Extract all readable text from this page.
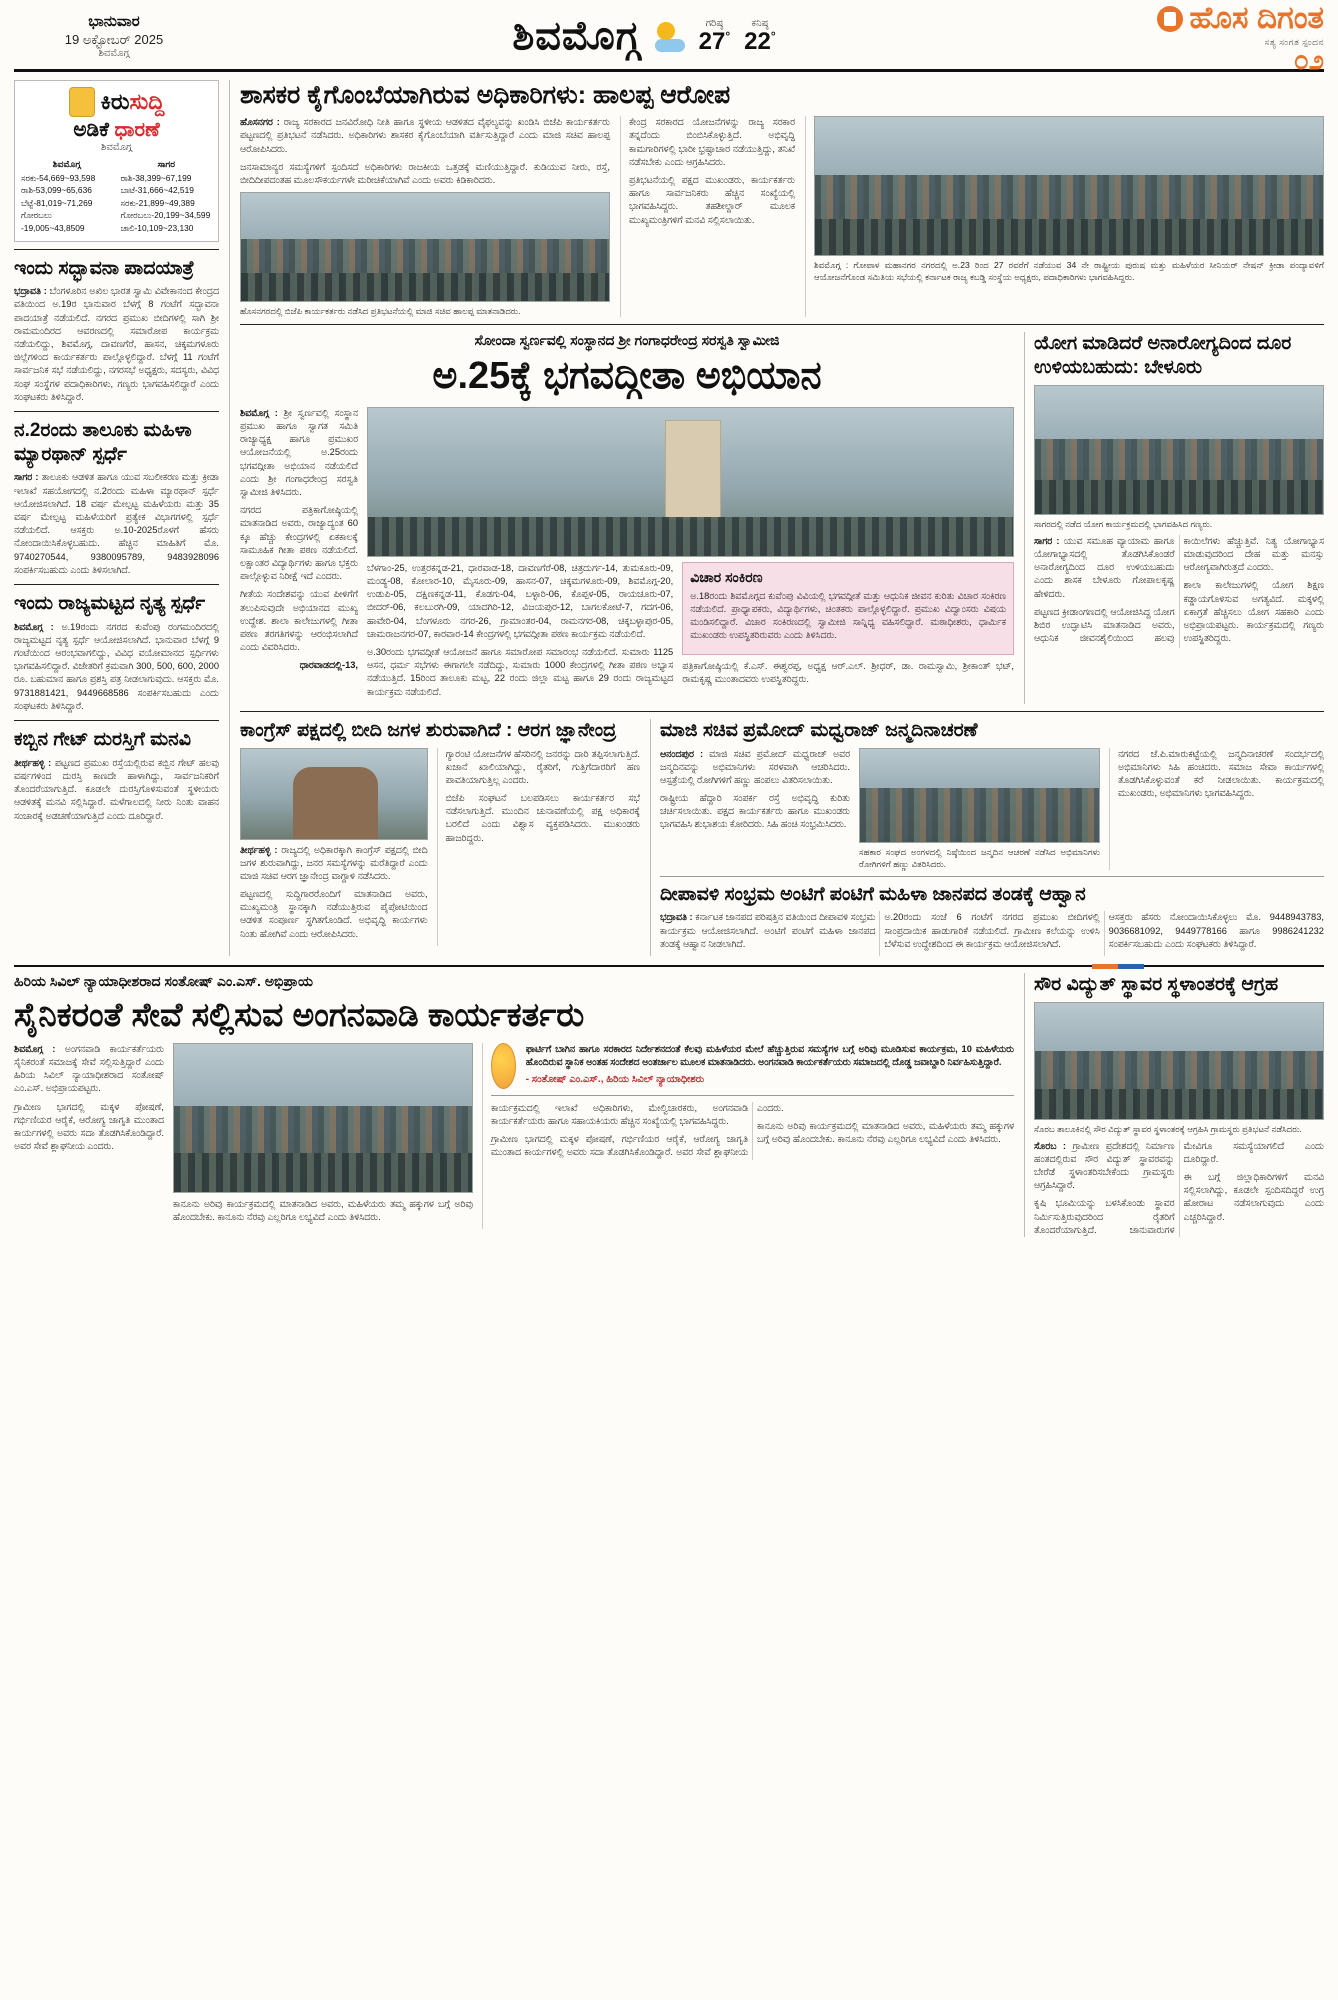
ಭಾನುವಾರ
19 ಅಕ್ಟೋಬರ್ 2025
ಶಿವಮೊಗ್ಗ	ಶಿವಮೊಗ್ಗ	ಗರಿಷ್ಠ
27°
ಕನಿಷ್ಠ
22°
ಹೊಸ ದಿಗಂತ
ಸತ್ಯ ಸಂಗತ ಸ್ಪಂದನ
೦೨
ಕಿರುಸುದ್ದಿ
ಅಡಿಕೆ ಧಾರಣೆ
ಶಿವಮೊಗ್ಗ
ಶಿವಮೊಗ್ಗ
ಸರಕು-54,669~93,598
ರಾಶಿ-53,099~65,636
ಬೆಟ್ಟೆ-81,019~71,269
ಗೋರಬಲು -19,005~43,8509
ಸಾಗರ
ರಾಶಿ-38,399~67,199
ಬಾಟೆ-31,666~42,519
ಸರಕು-21,899~49,389
ಗೋರಬಲು-20,199~34,599
ಚಾಲಿ-10,109~23,130
ಇಂದು ಸದ್ಭಾವನಾ ಪಾದಯಾತ್ರೆ

ಭದ್ರಾವತಿ : ಬೆಂಗಳೂರಿನ ಅಖಿಲ ಭಾರತ ಸ್ವಾಮಿ ವಿವೇಕಾನಂದ ಕೇಂದ್ರದ ವತಿಯಿಂದ ಅ.19ರ ಭಾನುವಾರ ಬೆಳಗ್ಗೆ 8 ಗಂಟೆಗೆ ಸದ್ಭಾವನಾ ಪಾದಯಾತ್ರೆ ನಡೆಯಲಿದೆ. ನಗರದ ಪ್ರಮುಖ ಬೀದಿಗಳಲ್ಲಿ ಸಾಗಿ ಶ್ರೀ ರಾಮಮಂದಿರದ ಆವರಣದಲ್ಲಿ ಸಮಾರೋಪ ಕಾರ್ಯಕ್ರಮ ನಡೆಯಲಿದ್ದು, ಶಿವಮೊಗ್ಗ, ದಾವಣಗೆರೆ, ಹಾಸನ, ಚಿಕ್ಕಮಗಳೂರು ಜಿಲ್ಲೆಗಳಿಂದ ಕಾರ್ಯಕರ್ತರು ಪಾಲ್ಗೊಳ್ಳಲಿದ್ದಾರೆ. ಬೆಳಗ್ಗೆ 11 ಗಂಟೆಗೆ ಸಾರ್ವಜನಿಕ ಸಭೆ ನಡೆಯಲಿದ್ದು, ನಗರಸಭೆ ಅಧ್ಯಕ್ಷರು, ಸದಸ್ಯರು, ವಿವಿಧ ಸಂಘ ಸಂಸ್ಥೆಗಳ ಪದಾಧಿಕಾರಿಗಳು, ಗಣ್ಯರು ಭಾಗವಹಿಸಲಿದ್ದಾರೆ ಎಂದು ಸಂಘಟಕರು ತಿಳಿಸಿದ್ದಾರೆ.

ನ.2ರಂದು ತಾಲೂಕು ಮಹಿಳಾ ಮ್ಯಾರಥಾನ್ ಸ್ಪರ್ಧೆ

ಸಾಗರ : ತಾಲೂಕು ಆಡಳಿತ ಹಾಗೂ ಯುವ ಸಬಲೀಕರಣ ಮತ್ತು ಕ್ರೀಡಾ ಇಲಾಖೆ ಸಹಯೋಗದಲ್ಲಿ ನ.2ರಂದು ಮಹಿಳಾ ಮ್ಯಾರಥಾನ್ ಸ್ಪರ್ಧೆ ಆಯೋಜಿಸಲಾಗಿದೆ. 18 ವರ್ಷ ಮೇಲ್ಪಟ್ಟ ಮಹಿಳೆಯರು ಮತ್ತು 35 ವರ್ಷ ಮೇಲ್ಪಟ್ಟ ಮಹಿಳೆಯರಿಗೆ ಪ್ರತ್ಯೇಕ ವಿಭಾಗಗಳಲ್ಲಿ ಸ್ಪರ್ಧೆ ನಡೆಯಲಿದೆ. ಆಸಕ್ತರು ಅ.10-2025ರೊಳಗೆ ಹೆಸರು ನೋಂದಾಯಿಸಿಕೊಳ್ಳಬಹುದು. ಹೆಚ್ಚಿನ ಮಾಹಿತಿಗೆ ಮೊ. 9740270544, 9380095789, 9483928096 ಸಂಪರ್ಕಿಸಬಹುದು ಎಂದು ತಿಳಿಸಲಾಗಿದೆ.

ಇಂದು ರಾಜ್ಯಮಟ್ಟದ ನೃತ್ಯ ಸ್ಪರ್ಧೆ

ಶಿವಮೊಗ್ಗ : ಅ.19ರಂದು ನಗರದ ಕುವೆಂಪು ರಂಗಮಂದಿರದಲ್ಲಿ ರಾಜ್ಯಮಟ್ಟದ ನೃತ್ಯ ಸ್ಪರ್ಧೆ ಆಯೋಜಿಸಲಾಗಿದೆ. ಭಾನುವಾರ ಬೆಳಗ್ಗೆ 9 ಗಂಟೆಯಿಂದ ಆರಂಭವಾಗಲಿದ್ದು, ವಿವಿಧ ವಯೋಮಾನದ ಸ್ಪರ್ಧಿಗಳು ಭಾಗವಹಿಸಲಿದ್ದಾರೆ. ವಿಜೇತರಿಗೆ ಕ್ರಮವಾಗಿ 300, 500, 600, 2000 ರೂ. ಬಹುಮಾನ ಹಾಗೂ ಪ್ರಶಸ್ತಿ ಪತ್ರ ನೀಡಲಾಗುವುದು. ಆಸಕ್ತರು ಮೊ. 9731881421, 9449668586 ಸಂಪರ್ಕಿಸಬಹುದು ಎಂದು ಸಂಘಟಕರು ತಿಳಿಸಿದ್ದಾರೆ.

ಕಬ್ಬಿನ ಗೇಟ್ ದುರಸ್ತಿಗೆ ಮನವಿ

ತೀರ್ಥಹಳ್ಳಿ : ಪಟ್ಟಣದ ಪ್ರಮುಖ ರಸ್ತೆಯಲ್ಲಿರುವ ಕಬ್ಬಿನ ಗೇಟ್ ಹಲವು ವರ್ಷಗಳಿಂದ ದುರಸ್ತಿ ಕಾಣದೇ ಹಾಳಾಗಿದ್ದು, ಸಾರ್ವಜನಿಕರಿಗೆ ತೊಂದರೆಯಾಗುತ್ತಿದೆ. ಕೂಡಲೇ ದುರಸ್ತಿಗೊಳಿಸುವಂತೆ ಸ್ಥಳೀಯರು ಆಡಳಿತಕ್ಕೆ ಮನವಿ ಸಲ್ಲಿಸಿದ್ದಾರೆ. ಮಳೆಗಾಲದಲ್ಲಿ ನೀರು ನಿಂತು ವಾಹನ ಸಂಚಾರಕ್ಕೆ ಅಡಚಣೆಯಾಗುತ್ತಿದೆ ಎಂದು ದೂರಿದ್ದಾರೆ.

ಶಾಸಕರ ಕೈಗೊಂಬೆಯಾಗಿರುವ ಅಧಿಕಾರಿಗಳು: ಹಾಲಪ್ಪ ಆರೋಪ

ಹೊಸನಗರ : ರಾಜ್ಯ ಸರಕಾರದ ಜನವಿರೋಧಿ ನೀತಿ ಹಾಗೂ ಸ್ಥಳೀಯ ಆಡಳಿತದ ವೈಫಲ್ಯವನ್ನು ಖಂಡಿಸಿ ಬಿಜೆಪಿ ಕಾರ್ಯಕರ್ತರು ಪಟ್ಟಣದಲ್ಲಿ ಪ್ರತಿಭಟನೆ ನಡೆಸಿದರು. ಅಧಿಕಾರಿಗಳು ಶಾಸಕರ ಕೈಗೊಂಬೆಯಾಗಿ ವರ್ತಿಸುತ್ತಿದ್ದಾರೆ ಎಂದು ಮಾಜಿ ಸಚಿವ ಹಾಲಪ್ಪ ಆರೋಪಿಸಿದರು.

ಜನಸಾಮಾನ್ಯರ ಸಮಸ್ಯೆಗಳಿಗೆ ಸ್ಪಂದಿಸದೆ ಅಧಿಕಾರಿಗಳು ರಾಜಕೀಯ ಒತ್ತಡಕ್ಕೆ ಮಣಿಯುತ್ತಿದ್ದಾರೆ. ಕುಡಿಯುವ ನೀರು, ರಸ್ತೆ, ಬೀದಿದೀಪದಂತಹ ಮೂಲಸೌಕರ್ಯಗಳೇ ಮರೀಚಿಕೆಯಾಗಿವೆ ಎಂದು ಅವರು ಕಿಡಿಕಾರಿದರು.

ಹೊಸನಗರದಲ್ಲಿ ಬಿಜೆಪಿ ಕಾರ್ಯಕರ್ತರು ನಡೆಸಿದ ಪ್ರತಿಭಟನೆಯಲ್ಲಿ ಮಾಜಿ ಸಚಿವ ಹಾಲಪ್ಪ ಮಾತನಾಡಿದರು.

ಕೇಂದ್ರ ಸರಕಾರದ ಯೋಜನೆಗಳನ್ನು ರಾಜ್ಯ ಸರಕಾರ ತನ್ನದೆಂದು ಬಿಂಬಿಸಿಕೊಳ್ಳುತ್ತಿದೆ. ಅಭಿವೃದ್ಧಿ ಕಾಮಗಾರಿಗಳಲ್ಲಿ ಭಾರೀ ಭ್ರಷ್ಟಾಚಾರ ನಡೆಯುತ್ತಿದ್ದು, ತನಿಖೆ ನಡೆಸಬೇಕು ಎಂದು ಆಗ್ರಹಿಸಿದರು.

ಪ್ರತಿಭಟನೆಯಲ್ಲಿ ಪಕ್ಷದ ಮುಖಂಡರು, ಕಾರ್ಯಕರ್ತರು ಹಾಗೂ ಸಾರ್ವಜನಿಕರು ಹೆಚ್ಚಿನ ಸಂಖ್ಯೆಯಲ್ಲಿ ಭಾಗವಹಿಸಿದ್ದರು. ತಹಶೀಲ್ದಾರ್ ಮೂಲಕ ಮುಖ್ಯಮಂತ್ರಿಗಳಿಗೆ ಮನವಿ ಸಲ್ಲಿಸಲಾಯಿತು.

ಶಿವಮೊಗ್ಗ : ಗೋಪಾಳ ಮಹಾನಗರ ನಗರದಲ್ಲಿ ಅ.23 ರಿಂದ 27 ರವರೆಗೆ ನಡೆಯುವ 34 ನೇ ರಾಷ್ಟ್ರೀಯ ಪುರುಷ ಮತ್ತು ಮಹಿಳೆಯರ ಸೀನಿಯರ್ ನೇಷನ್ ಕ್ರೀಡಾ ಪಂದ್ಯಾವಳಿಗೆ ಆಯೋಜನೆಗೊಂಡ ಸಮಿತಿಯ ಸಭೆಯಲ್ಲಿ ಕರ್ನಾಟಕ ರಾಜ್ಯ ಕಬಡ್ಡಿ ಸಂಸ್ಥೆಯ ಅಧ್ಯಕ್ಷರು, ಪದಾಧಿಕಾರಿಗಳು ಭಾಗವಹಿಸಿದ್ದರು.
ಸೋಂದಾ ಸ್ವರ್ಣವಲ್ಲಿ ಸಂಸ್ಥಾನದ ಶ್ರೀ ಗಂಗಾಧರೇಂದ್ರ ಸರಸ್ವತಿ ಸ್ವಾಮೀಜಿ
ಅ.25ಕ್ಕೆ ಭಗವದ್ಗೀತಾ ಅಭಿಯಾನ

ಶಿವಮೊಗ್ಗ : ಶ್ರೀ ಸ್ವರ್ಣವಲ್ಲಿ ಸಂಸ್ಥಾನ ಪ್ರಮುಖ ಹಾಗೂ ಸ್ವಾಗತ ಸಮಿತಿ ರಾಜ್ಯಾಧ್ಯಕ್ಷ ಹಾಗೂ ಪ್ರಮುಖರ ಆಯೋಜನೆಯಲ್ಲಿ ಅ.25ರಂದು ಭಗವದ್ಗೀತಾ ಅಭಿಯಾನ ನಡೆಯಲಿದೆ ಎಂದು ಶ್ರೀ ಗಂಗಾಧರೇಂದ್ರ ಸರಸ್ವತಿ ಸ್ವಾಮೀಜಿ ತಿಳಿಸಿದರು.

ನಗರದ ಪತ್ರಿಕಾಗೋಷ್ಠಿಯಲ್ಲಿ ಮಾತನಾಡಿದ ಅವರು, ರಾಜ್ಯಾದ್ಯಂತ 60 ಕ್ಕೂ ಹೆಚ್ಚು ಕೇಂದ್ರಗಳಲ್ಲಿ ಏಕಕಾಲಕ್ಕೆ ಸಾಮೂಹಿಕ ಗೀತಾ ಪಠಣ ನಡೆಯಲಿದೆ. ಲಕ್ಷಾಂತರ ವಿದ್ಯಾರ್ಥಿಗಳು ಹಾಗೂ ಭಕ್ತರು ಪಾಲ್ಗೊಳ್ಳುವ ನಿರೀಕ್ಷೆ ಇದೆ ಎಂದರು.

ಗೀತೆಯ ಸಂದೇಶವನ್ನು ಯುವ ಪೀಳಿಗೆಗೆ ತಲುಪಿಸುವುದೇ ಅಭಿಯಾನದ ಮುಖ್ಯ ಉದ್ದೇಶ. ಶಾಲಾ ಕಾಲೇಜುಗಳಲ್ಲಿ ಗೀತಾ ಪಠಣ ತರಗತಿಗಳನ್ನು ಆರಂಭಿಸಲಾಗಿದೆ ಎಂದು ವಿವರಿಸಿದರು.

ಧಾರವಾಡದಲ್ಲಿ-13,

ಬೆಳಗಾಂ-25, ಉತ್ತರಕನ್ನಡ-21, ಧಾರವಾಡ-18, ದಾವಣಗೆರೆ-08, ಚಿತ್ರದುರ್ಗ-14, ತುಮಕೂರು-09, ಮಂಡ್ಯ-08, ಕೋಲಾರ-10, ಮೈಸೂರು-09, ಹಾಸನ-07, ಚಿಕ್ಕಮಗಳೂರು-09, ಶಿವಮೊಗ್ಗ-20, ಉಡುಪಿ-05, ದಕ್ಷಿಣಕನ್ನಡ-11, ಕೊಡಗು-04, ಬಳ್ಳಾರಿ-06, ಕೊಪ್ಪಳ-05, ರಾಯಚೂರು-07, ಬೀದರ್-06, ಕಲಬುರಗಿ-09, ಯಾದಗಿರಿ-12, ವಿಜಯಪುರ-12, ಬಾಗಲಕೋಟೆ-7, ಗದಗ-06, ಹಾವೇರಿ-04, ಬೆಂಗಳೂರು ನಗರ-26, ಗ್ರಾಮಾಂತರ-04, ರಾಮನಗರ-08, ಚಿಕ್ಕಬಳ್ಳಾಪುರ-05, ಚಾಮರಾಜನಗರ-07, ಕಾರವಾರ-14 ಕೇಂದ್ರಗಳಲ್ಲಿ ಭಗವದ್ಗೀತಾ ಪಠಣ ಕಾರ್ಯಕ್ರಮ ನಡೆಯಲಿದೆ.

ಅ.30ರಂದು ಭಗವದ್ಗೀತೆ ಆಯೋಜನೆ ಹಾಗೂ ಸಮಾರೋಪ ಸಮಾರಂಭ ನಡೆಯಲಿದೆ. ಸುಮಾರು 1125 ಆಸನ, ಧರ್ಮ ಸಭೆಗಳು ಈಗಾಗಲೇ ನಡೆದಿದ್ದು, ಸುಮಾರು 1000 ಕೇಂದ್ರಗಳಲ್ಲಿ ಗೀತಾ ಪಠಣ ಅಭ್ಯಾಸ ನಡೆಯುತ್ತಿದೆ. 15ರಿಂದ ತಾಲೂಕು ಮಟ್ಟ, 22 ರಂದು ಜಿಲ್ಲಾ ಮಟ್ಟ ಹಾಗೂ 29 ರಂದು ರಾಜ್ಯಮಟ್ಟದ ಕಾರ್ಯಕ್ರಮ ನಡೆಯಲಿದೆ.

ವಿಚಾರ ಸಂಕಿರಣ

ಅ.18ರಂದು ಶಿವಮೊಗ್ಗದ ಕುವೆಂಪು ವಿವಿಯಲ್ಲಿ ಭಗವದ್ಗೀತೆ ಮತ್ತು ಆಧುನಿಕ ಜೀವನ ಕುರಿತು ವಿಚಾರ ಸಂಕಿರಣ ನಡೆಯಲಿದೆ. ಪ್ರಾಧ್ಯಾಪಕರು, ವಿದ್ಯಾರ್ಥಿಗಳು, ಚಿಂತಕರು ಪಾಲ್ಗೊಳ್ಳಲಿದ್ದಾರೆ. ಪ್ರಮುಖ ವಿದ್ವಾಂಸರು ವಿಷಯ ಮಂಡಿಸಲಿದ್ದಾರೆ. ವಿಚಾರ ಸಂಕಿರಣದಲ್ಲಿ ಸ್ವಾಮೀಜಿ ಸಾನ್ನಿಧ್ಯ ವಹಿಸಲಿದ್ದಾರೆ. ಮಠಾಧೀಶರು, ಧಾರ್ಮಿಕ ಮುಖಂಡರು ಉಪಸ್ಥಿತರಿರುವರು ಎಂದು ತಿಳಿಸಿದರು.

ಪತ್ರಿಕಾಗೋಷ್ಠಿಯಲ್ಲಿ ಕೆ.ಎಸ್. ಈಶ್ವರಪ್ಪ, ಅಧ್ಯಕ್ಷ ಆರ್.ಎಲ್. ಶ್ರೀಧರ್, ಡಾ. ರಾಮಸ್ವಾಮಿ, ಶ್ರೀಕಾಂತ್ ಭಟ್, ರಾಮಕೃಷ್ಣ ಮುಂತಾದವರು ಉಪಸ್ಥಿತರಿದ್ದರು.

ಯೋಗ ಮಾಡಿದರೆ ಅನಾರೋಗ್ಯದಿಂದ ದೂರ ಉಳಿಯಬಹುದು: ಬೇಳೂರು
ಸಾಗರದಲ್ಲಿ ನಡೆದ ಯೋಗ ಕಾರ್ಯಕ್ರಮದಲ್ಲಿ ಭಾಗವಹಿಸಿದ ಗಣ್ಯರು.

ಸಾಗರ : ಯುವ ಸಮೂಹ ವ್ಯಾಯಾಮ ಹಾಗೂ ಯೋಗಾಭ್ಯಾಸದಲ್ಲಿ ತೊಡಗಿಸಿಕೊಂಡರೆ ಅನಾರೋಗ್ಯದಿಂದ ದೂರ ಉಳಿಯಬಹುದು ಎಂದು ಶಾಸಕ ಬೇಳೂರು ಗೋಪಾಲಕೃಷ್ಣ ಹೇಳಿದರು.

ಪಟ್ಟಣದ ಕ್ರೀಡಾಂಗಣದಲ್ಲಿ ಆಯೋಜಿಸಿದ್ದ ಯೋಗ ಶಿಬಿರ ಉದ್ಘಾಟಿಸಿ ಮಾತನಾಡಿದ ಅವರು, ಆಧುನಿಕ ಜೀವನಶೈಲಿಯಿಂದ ಹಲವು ಕಾಯಿಲೆಗಳು ಹೆಚ್ಚುತ್ತಿವೆ. ನಿತ್ಯ ಯೋಗಾಭ್ಯಾಸ ಮಾಡುವುದರಿಂದ ದೇಹ ಮತ್ತು ಮನಸ್ಸು ಆರೋಗ್ಯವಾಗಿರುತ್ತದೆ ಎಂದರು.

ಶಾಲಾ ಕಾಲೇಜುಗಳಲ್ಲಿ ಯೋಗ ಶಿಕ್ಷಣ ಕಡ್ಡಾಯಗೊಳಿಸುವ ಅಗತ್ಯವಿದೆ. ಮಕ್ಕಳಲ್ಲಿ ಏಕಾಗ್ರತೆ ಹೆಚ್ಚಿಸಲು ಯೋಗ ಸಹಕಾರಿ ಎಂದು ಅಭಿಪ್ರಾಯಪಟ್ಟರು. ಕಾರ್ಯಕ್ರಮದಲ್ಲಿ ಗಣ್ಯರು ಉಪಸ್ಥಿತರಿದ್ದರು.

ಕಾಂಗ್ರೆಸ್ ಪಕ್ಷದಲ್ಲಿ ಬೀದಿ ಜಗಳ ಶುರುವಾಗಿದೆ : ಆರಗ ಜ್ಞಾನೇಂದ್ರ

ತೀರ್ಥಹಳ್ಳಿ : ರಾಜ್ಯದಲ್ಲಿ ಅಧಿಕಾರಕ್ಕಾಗಿ ಕಾಂಗ್ರೆಸ್ ಪಕ್ಷದಲ್ಲಿ ಬೀದಿ ಜಗಳ ಶುರುವಾಗಿದ್ದು, ಜನರ ಸಮಸ್ಯೆಗಳನ್ನು ಮರೆತಿದ್ದಾರೆ ಎಂದು ಮಾಜಿ ಸಚಿವ ಆರಗ ಜ್ಞಾನೇಂದ್ರ ವಾಗ್ದಾಳಿ ನಡೆಸಿದರು.

ಪಟ್ಟಣದಲ್ಲಿ ಸುದ್ದಿಗಾರರೊಂದಿಗೆ ಮಾತನಾಡಿದ ಅವರು, ಮುಖ್ಯಮಂತ್ರಿ ಸ್ಥಾನಕ್ಕಾಗಿ ನಡೆಯುತ್ತಿರುವ ಪೈಪೋಟಿಯಿಂದ ಆಡಳಿತ ಸಂಪೂರ್ಣ ಸ್ಥಗಿತಗೊಂಡಿದೆ. ಅಭಿವೃದ್ಧಿ ಕಾರ್ಯಗಳು ನಿಂತು ಹೋಗಿವೆ ಎಂದು ಆರೋಪಿಸಿದರು.

ಗ್ಯಾರಂಟಿ ಯೋಜನೆಗಳ ಹೆಸರಿನಲ್ಲಿ ಜನರನ್ನು ದಾರಿ ತಪ್ಪಿಸಲಾಗುತ್ತಿದೆ. ಖಜಾನೆ ಖಾಲಿಯಾಗಿದ್ದು, ರೈತರಿಗೆ, ಗುತ್ತಿಗೆದಾರರಿಗೆ ಹಣ ಪಾವತಿಯಾಗುತ್ತಿಲ್ಲ ಎಂದರು.

ಬಿಜೆಪಿ ಸಂಘಟನೆ ಬಲಪಡಿಸಲು ಕಾರ್ಯಕರ್ತರ ಸಭೆ ನಡೆಸಲಾಗುತ್ತಿದೆ. ಮುಂದಿನ ಚುನಾವಣೆಯಲ್ಲಿ ಪಕ್ಷ ಅಧಿಕಾರಕ್ಕೆ ಬರಲಿದೆ ಎಂದು ವಿಶ್ವಾಸ ವ್ಯಕ್ತಪಡಿಸಿದರು. ಮುಖಂಡರು ಹಾಜರಿದ್ದರು.

ಮಾಜಿ ಸಚಿವ ಪ್ರಮೋದ್ ಮಧ್ವರಾಜ್ ಜನ್ಮದಿನಾಚರಣೆ

ಆನಂದಪುರ : ಮಾಜಿ ಸಚಿವ ಪ್ರಮೋದ್ ಮಧ್ವರಾಜ್ ಅವರ ಜನ್ಮದಿನವನ್ನು ಅಭಿಮಾನಿಗಳು ಸರಳವಾಗಿ ಆಚರಿಸಿದರು. ಆಸ್ಪತ್ರೆಯಲ್ಲಿ ರೋಗಿಗಳಿಗೆ ಹಣ್ಣು ಹಂಪಲು ವಿತರಿಸಲಾಯಿತು.

ರಾಷ್ಟ್ರೀಯ ಹೆದ್ದಾರಿ ಸಂಪರ್ಕ ರಸ್ತೆ ಅಭಿವೃದ್ಧಿ ಕುರಿತು ಚರ್ಚಿಸಲಾಯಿತು. ಪಕ್ಷದ ಕಾರ್ಯಕರ್ತರು ಹಾಗೂ ಮುಖಂಡರು ಭಾಗವಹಿಸಿ ಶುಭಾಶಯ ಕೋರಿದರು. ಸಿಹಿ ಹಂಚಿ ಸಂಭ್ರಮಿಸಿದರು.

ಸಹಕಾರ ಸಂಘದ ಅಂಗಳದಲ್ಲಿ ನಿಷ್ಠೆಯಿಂದ ಜನ್ಮದಿನ ಆಚರಣೆ ನಡೆಸಿದ ಅಭಿಮಾನಿಗಳು ರೋಗಿಗಳಿಗೆ ಹಣ್ಣು ವಿತರಿಸಿದರು.

ನಗರದ ಜೆ.ಪಿ.ಮಾರುಕಟ್ಟೆಯಲ್ಲಿ ಜನ್ಮದಿನಾಚರಣೆ ಸಂದರ್ಭದಲ್ಲಿ ಅಭಿಮಾನಿಗಳು ಸಿಹಿ ಹಂಚಿದರು. ಸಮಾಜ ಸೇವಾ ಕಾರ್ಯಗಳಲ್ಲಿ ತೊಡಗಿಸಿಕೊಳ್ಳುವಂತೆ ಕರೆ ನೀಡಲಾಯಿತು. ಕಾರ್ಯಕ್ರಮದಲ್ಲಿ ಮುಖಂಡರು, ಅಭಿಮಾನಿಗಳು ಭಾಗವಹಿಸಿದ್ದರು.

ದೀಪಾವಳಿ ಸಂಭ್ರಮ ಅಂಟಿಗೆ ಪಂಟಿಗೆ ಮಹಿಳಾ ಜಾನಪದ ತಂಡಕ್ಕೆ ಆಹ್ವಾನ

ಭದ್ರಾವತಿ : ಕರ್ನಾಟಕ ಜಾನಪದ ಪರಿಷತ್ತಿನ ವತಿಯಿಂದ ದೀಪಾವಳಿ ಸಂಭ್ರಮ ಕಾರ್ಯಕ್ರಮ ಆಯೋಜಿಸಲಾಗಿದೆ. ಅಂಟಿಗೆ ಪಂಟಿಗೆ ಮಹಿಳಾ ಜಾನಪದ ತಂಡಕ್ಕೆ ಆಹ್ವಾನ ನೀಡಲಾಗಿದೆ.

ಅ.20ರಂದು ಸಂಜೆ 6 ಗಂಟೆಗೆ ನಗರದ ಪ್ರಮುಖ ಬೀದಿಗಳಲ್ಲಿ ಸಾಂಪ್ರದಾಯಿಕ ಹಾಡುಗಾರಿಕೆ ನಡೆಯಲಿದೆ. ಗ್ರಾಮೀಣ ಕಲೆಯನ್ನು ಉಳಿಸಿ ಬೆಳೆಸುವ ಉದ್ದೇಶದಿಂದ ಈ ಕಾರ್ಯಕ್ರಮ ಆಯೋಜಿಸಲಾಗಿದೆ.

ಆಸಕ್ತರು ಹೆಸರು ನೋಂದಾಯಿಸಿಕೊಳ್ಳಲು ಮೊ. 9448943783, 9036681092, 9449778166 ಹಾಗೂ 9986241232 ಸಂಪರ್ಕಿಸಬಹುದು ಎಂದು ಸಂಘಟಕರು ತಿಳಿಸಿದ್ದಾರೆ.

ಹಿರಿಯ ಸಿವಿಲ್ ನ್ಯಾಯಾಧೀಶರಾದ ಸಂತೋಷ್ ಎಂ.ಎಸ್. ಅಭಿಪ್ರಾಯ
ಸೈನಿಕರಂತೆ ಸೇವೆ ಸಲ್ಲಿಸುವ ಅಂಗನವಾಡಿ ಕಾರ್ಯಕರ್ತರು

ಶಿವಮೊಗ್ಗ : ಅಂಗನವಾಡಿ ಕಾರ್ಯಕರ್ತೆಯರು ಸೈನಿಕರಂತೆ ಸಮಾಜಕ್ಕೆ ಸೇವೆ ಸಲ್ಲಿಸುತ್ತಿದ್ದಾರೆ ಎಂದು ಹಿರಿಯ ಸಿವಿಲ್ ನ್ಯಾಯಾಧೀಶರಾದ ಸಂತೋಷ್ ಎಂ.ಎಸ್. ಅಭಿಪ್ರಾಯಪಟ್ಟರು.

ಗ್ರಾಮೀಣ ಭಾಗದಲ್ಲಿ ಮಕ್ಕಳ ಪೋಷಣೆ, ಗರ್ಭಿಣಿಯರ ಆರೈಕೆ, ಆರೋಗ್ಯ ಜಾಗೃತಿ ಮುಂತಾದ ಕಾರ್ಯಗಳಲ್ಲಿ ಅವರು ಸದಾ ತೊಡಗಿಸಿಕೊಂಡಿದ್ದಾರೆ. ಅವರ ಸೇವೆ ಶ್ಲಾಘನೀಯ ಎಂದರು.

ಕಾನೂನು ಅರಿವು ಕಾರ್ಯಕ್ರಮದಲ್ಲಿ ಮಾತನಾಡಿದ ಅವರು, ಮಹಿಳೆಯರು ತಮ್ಮ ಹಕ್ಕುಗಳ ಬಗ್ಗೆ ಅರಿವು ಹೊಂದಬೇಕು. ಕಾನೂನು ನೆರವು ಎಲ್ಲರಿಗೂ ಲಭ್ಯವಿದೆ ಎಂದು ತಿಳಿಸಿದರು.

ಫಾರ್ಟಿಗೆ ಬಾಗಿನ ಹಾಗೂ ಸರಕಾರದ ನಿರ್ದೇಶನದಂತೆ ಕೆಲವು ಮಹಿಳೆಯರ ಮೇಲೆ ಹೆಚ್ಚುತ್ತಿರುವ ಸಮಸ್ಯೆಗಳ ಬಗ್ಗೆ ಅರಿವು ಮೂಡಿಸುವ ಕಾರ್ಯಕ್ರಮ, 10 ಮಹಿಳೆಯರು ಹೊಂದಿರುವ ಸ್ಥಾನಿಕ ಅಂತಹ ಸಂದೇಶದ ಅಂತರ್ಜಾಲ ಮೂಲಕ ಮಾತನಾಡಿದರು. ಅಂಗನವಾಡಿ ಕಾರ್ಯಕರ್ತೆಯರು ಸಮಾಜದಲ್ಲಿ ದೊಡ್ಡ ಜವಾಬ್ದಾರಿ ನಿರ್ವಹಿಸುತ್ತಿದ್ದಾರೆ.

- ಸಂತೋಷ್ ಎಂ.ಎಸ್., ಹಿರಿಯ ಸಿವಿಲ್ ನ್ಯಾಯಾಧೀಶರು

ಕಾರ್ಯಕ್ರಮದಲ್ಲಿ ಇಲಾಖೆ ಅಧಿಕಾರಿಗಳು, ಮೇಲ್ವಿಚಾರಕರು, ಅಂಗನವಾಡಿ ಕಾರ್ಯಕರ್ತೆಯರು ಹಾಗೂ ಸಹಾಯಕಿಯರು ಹೆಚ್ಚಿನ ಸಂಖ್ಯೆಯಲ್ಲಿ ಭಾಗವಹಿಸಿದ್ದರು.

ಗ್ರಾಮೀಣ ಭಾಗದಲ್ಲಿ ಮಕ್ಕಳ ಪೋಷಣೆ, ಗರ್ಭಿಣಿಯರ ಆರೈಕೆ, ಆರೋಗ್ಯ ಜಾಗೃತಿ ಮುಂತಾದ ಕಾರ್ಯಗಳಲ್ಲಿ ಅವರು ಸದಾ ತೊಡಗಿಸಿಕೊಂಡಿದ್ದಾರೆ. ಅವರ ಸೇವೆ ಶ್ಲಾಘನೀಯ ಎಂದರು.

ಕಾನೂನು ಅರಿವು ಕಾರ್ಯಕ್ರಮದಲ್ಲಿ ಮಾತನಾಡಿದ ಅವರು, ಮಹಿಳೆಯರು ತಮ್ಮ ಹಕ್ಕುಗಳ ಬಗ್ಗೆ ಅರಿವು ಹೊಂದಬೇಕು. ಕಾನೂನು ನೆರವು ಎಲ್ಲರಿಗೂ ಲಭ್ಯವಿದೆ ಎಂದು ತಿಳಿಸಿದರು.

ಸೌರ ವಿದ್ಯುತ್ ಸ್ಥಾವರ ಸ್ಥಳಾಂತರಕ್ಕೆ ಆಗ್ರಹ
ಸೊರಬ ತಾಲೂಕಿನಲ್ಲಿ ಸೌರ ವಿದ್ಯುತ್ ಸ್ಥಾವರ ಸ್ಥಳಾಂತರಕ್ಕೆ ಆಗ್ರಹಿಸಿ ಗ್ರಾಮಸ್ಥರು ಪ್ರತಿಭಟನೆ ನಡೆಸಿದರು.

ಸೊರಬ : ಗ್ರಾಮೀಣ ಪ್ರದೇಶದಲ್ಲಿ ನಿರ್ಮಾಣ ಹಂತದಲ್ಲಿರುವ ಸೌರ ವಿದ್ಯುತ್ ಸ್ಥಾವರವನ್ನು ಬೇರೆಡೆ ಸ್ಥಳಾಂತರಿಸಬೇಕೆಂದು ಗ್ರಾಮಸ್ಥರು ಆಗ್ರಹಿಸಿದ್ದಾರೆ.

ಕೃಷಿ ಭೂಮಿಯನ್ನು ಬಳಸಿಕೊಂಡು ಸ್ಥಾವರ ನಿರ್ಮಿಸುತ್ತಿರುವುದರಿಂದ ರೈತರಿಗೆ ತೊಂದರೆಯಾಗುತ್ತಿದೆ. ಜಾನುವಾರುಗಳ ಮೇವಿಗೂ ಸಮಸ್ಯೆಯಾಗಲಿದೆ ಎಂದು ದೂರಿದ್ದಾರೆ.

ಈ ಬಗ್ಗೆ ಜಿಲ್ಲಾಧಿಕಾರಿಗಳಿಗೆ ಮನವಿ ಸಲ್ಲಿಸಲಾಗಿದ್ದು, ಕೂಡಲೇ ಸ್ಪಂದಿಸದಿದ್ದರೆ ಉಗ್ರ ಹೋರಾಟ ನಡೆಸಲಾಗುವುದು ಎಂದು ಎಚ್ಚರಿಸಿದ್ದಾರೆ.
